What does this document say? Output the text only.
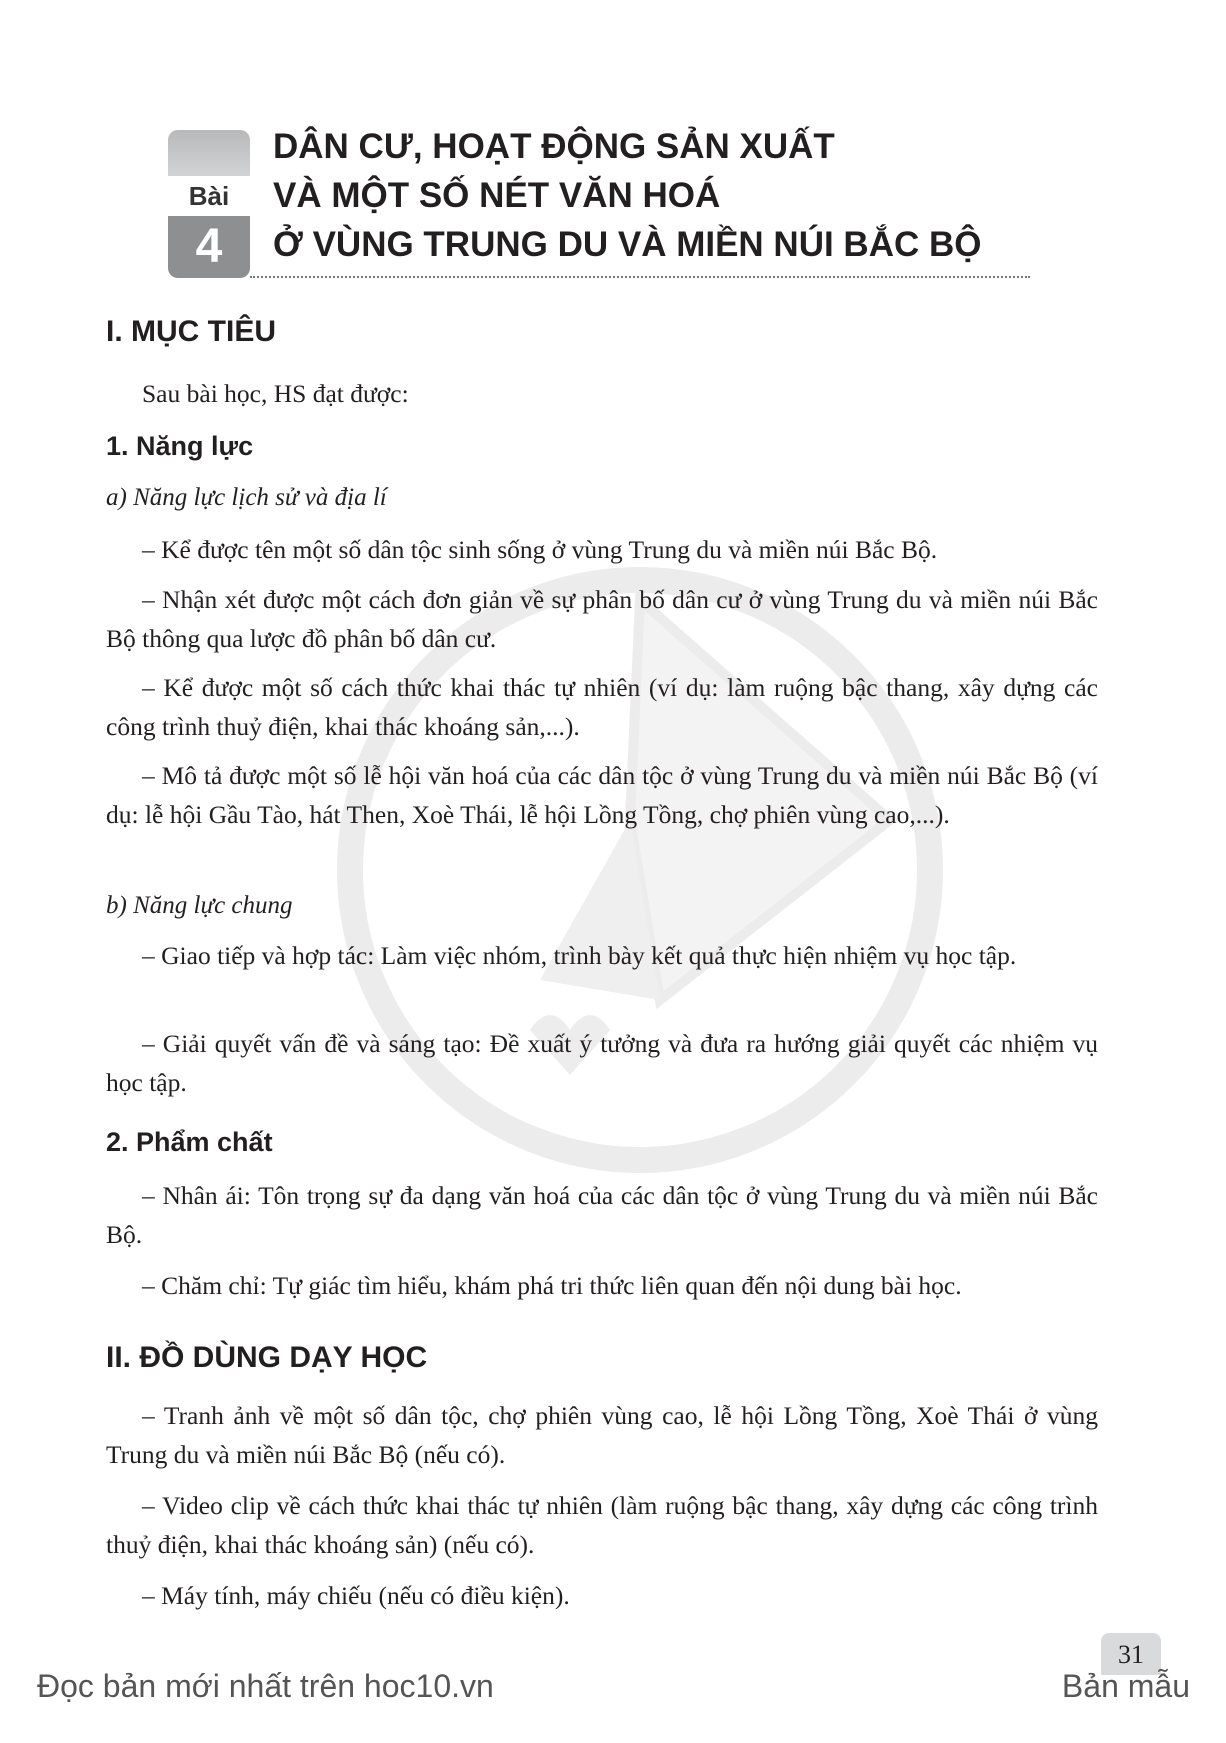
Bài
4
DÂN CƯ, HOẠT ĐỘNG SẢN XUẤT
VÀ MỘT SỐ NÉT VĂN HOÁ
Ở VÙNG TRUNG DU VÀ MIỀN NÚI BẮC BỘ
I. MỤC TIÊU

Sau bài học, HS đạt được:

1. Năng lực

a) Năng lực lịch sử và địa lí

– Kể được tên một số dân tộc sinh sống ở vùng Trung du và miền núi Bắc Bộ.

– Nhận xét được một cách đơn giản về sự phân bố dân cư ở vùng Trung du và miền núi Bắc Bộ thông qua lược đồ phân bố dân cư.

– Kể được một số cách thức khai thác tự nhiên (ví dụ: làm ruộng bậc thang, xây dựng các công trình thuỷ điện, khai thác khoáng sản,...).

– Mô tả được một số lễ hội văn hoá của các dân tộc ở vùng Trung du và miền núi Bắc Bộ (ví dụ: lễ hội Gầu Tào, hát Then, Xoè Thái, lễ hội Lồng Tồng, chợ phiên vùng cao,...).

b) Năng lực chung

– Giao tiếp và hợp tác: Làm việc nhóm, trình bày kết quả thực hiện nhiệm vụ học tập.

– Giải quyết vấn đề và sáng tạo: Đề xuất ý tưởng và đưa ra hướng giải quyết các nhiệm vụ học tập.

2. Phẩm chất

– Nhân ái: Tôn trọng sự đa dạng văn hoá của các dân tộc ở vùng Trung du và miền núi Bắc Bộ.

– Chăm chỉ: Tự giác tìm hiểu, khám phá tri thức liên quan đến nội dung bài học.

II. ĐỒ DÙNG DẠY HỌC

– Tranh ảnh về một số dân tộc, chợ phiên vùng cao, lễ hội Lồng Tồng, Xoè Thái ở vùng Trung du và miền núi Bắc Bộ (nếu có).

– Video clip về cách thức khai thác tự nhiên (làm ruộng bậc thang, xây dựng các công trình thuỷ điện, khai thác khoáng sản) (nếu có).

– Máy tính, máy chiếu (nếu có điều kiện).

31
Đọc bản mới nhất trên hoc10.vn	Bản mẫu
